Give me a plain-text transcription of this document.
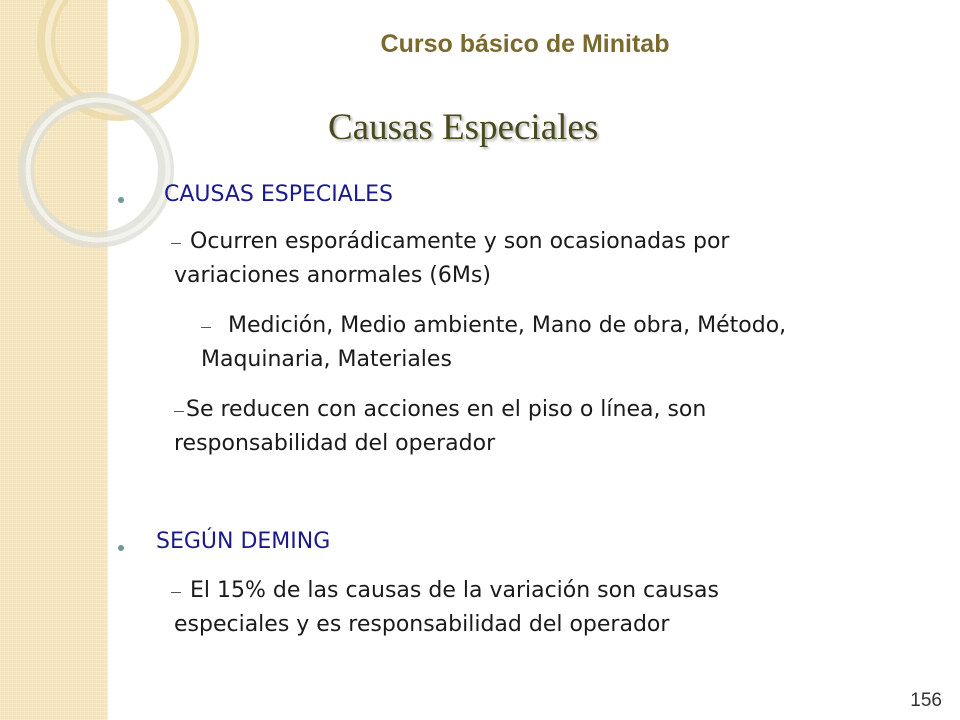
Curso básico de Minitab
Causas Especiales
CAUSAS ESPECIALES
Ocurren esporádicamente y son ocasionadas por
variaciones anormales (6Ms)
Medición, Medio ambiente, Mano de obra, Método,
Maquinaria, Materiales
Se reducen con acciones en el piso o línea, son
responsabilidad del operador
SEGÚN DEMING
El 15% de las causas de la variación son causas
especiales y es responsabilidad del operador
156
